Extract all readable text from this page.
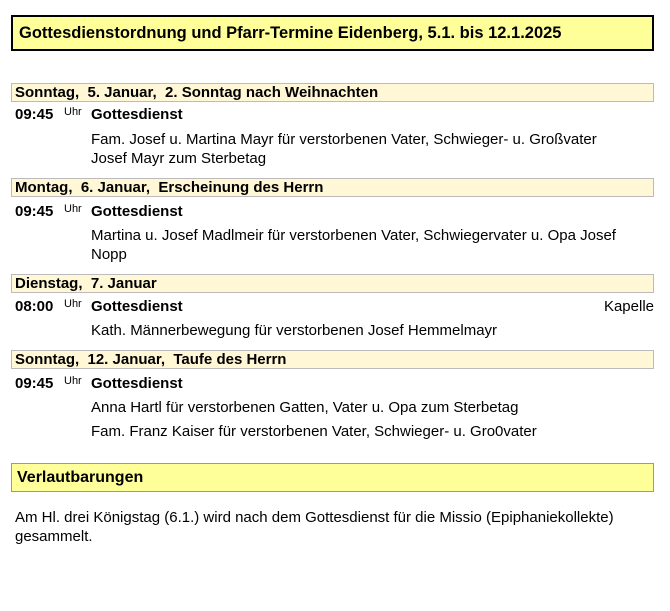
Gottesdienstordnung und Pfarr-Termine Eidenberg, 5.1. bis 12.1.2025
Sonntag,  5. Januar,  2. Sonntag nach Weihnachten
09:45 Uhr Gottesdienst
Fam. Josef u. Martina Mayr für verstorbenen Vater, Schwieger- u. Großvater Josef Mayr zum Sterbetag
Montag,  6. Januar,  Erscheinung des Herrn
09:45 Uhr Gottesdienst
Martina u. Josef Madlmeir für verstorbenen Vater, Schwiegervater u. Opa Josef Nopp
Dienstag,  7. Januar
08:00 Uhr Gottesdienst	Kapelle
Kath. Männerbewegung für verstorbenen Josef Hemmelmayr
Sonntag,  12. Januar,  Taufe des Herrn
09:45 Uhr Gottesdienst
Anna Hartl für verstorbenen Gatten, Vater u. Opa zum Sterbetag
Fam. Franz Kaiser für verstorbenen Vater, Schwieger- u. Gro0vater
Verlautbarungen
Am Hl. drei Königstag (6.1.) wird nach dem Gottesdienst für die Missio (Epiphaniekollekte) gesammelt.
